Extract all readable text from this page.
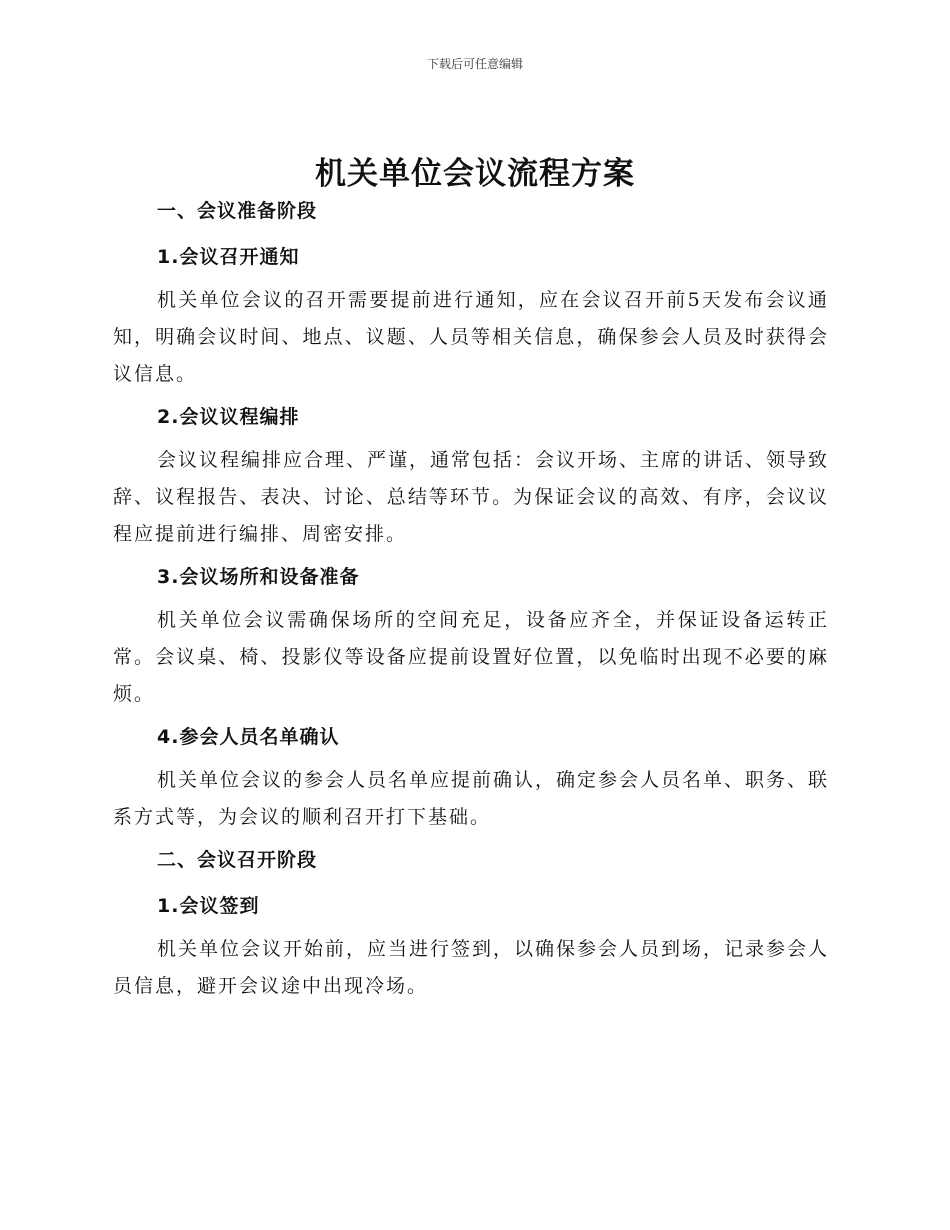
下载后可任意编辑
机关单位会议流程方案
一、会议准备阶段
1.会议召开通知

机关单位会议的召开需要提前进行通知，应在会议召开前5天发布会议通知，明确会议时间、地点、议题、人员等相关信息，确保参会人员及时获得会议信息。

2.会议议程编排

会议议程编排应合理、严谨，通常包括：会议开场、主席的讲话、领导致辞、议程报告、表决、讨论、总结等环节。为保证会议的高效、有序，会议议程应提前进行编排、周密安排。

3.会议场所和设备准备

机关单位会议需确保场所的空间充足，设备应齐全，并保证设备运转正常。会议桌、椅、投影仪等设备应提前设置好位置，以免临时出现不必要的麻烦。

4.参会人员名单确认

机关单位会议的参会人员名单应提前确认，确定参会人员名单、职务、联系方式等，为会议的顺利召开打下基础。

二、会议召开阶段
1.会议签到

机关单位会议开始前，应当进行签到，以确保参会人员到场，记录参会人员信息，避开会议途中出现冷场。
